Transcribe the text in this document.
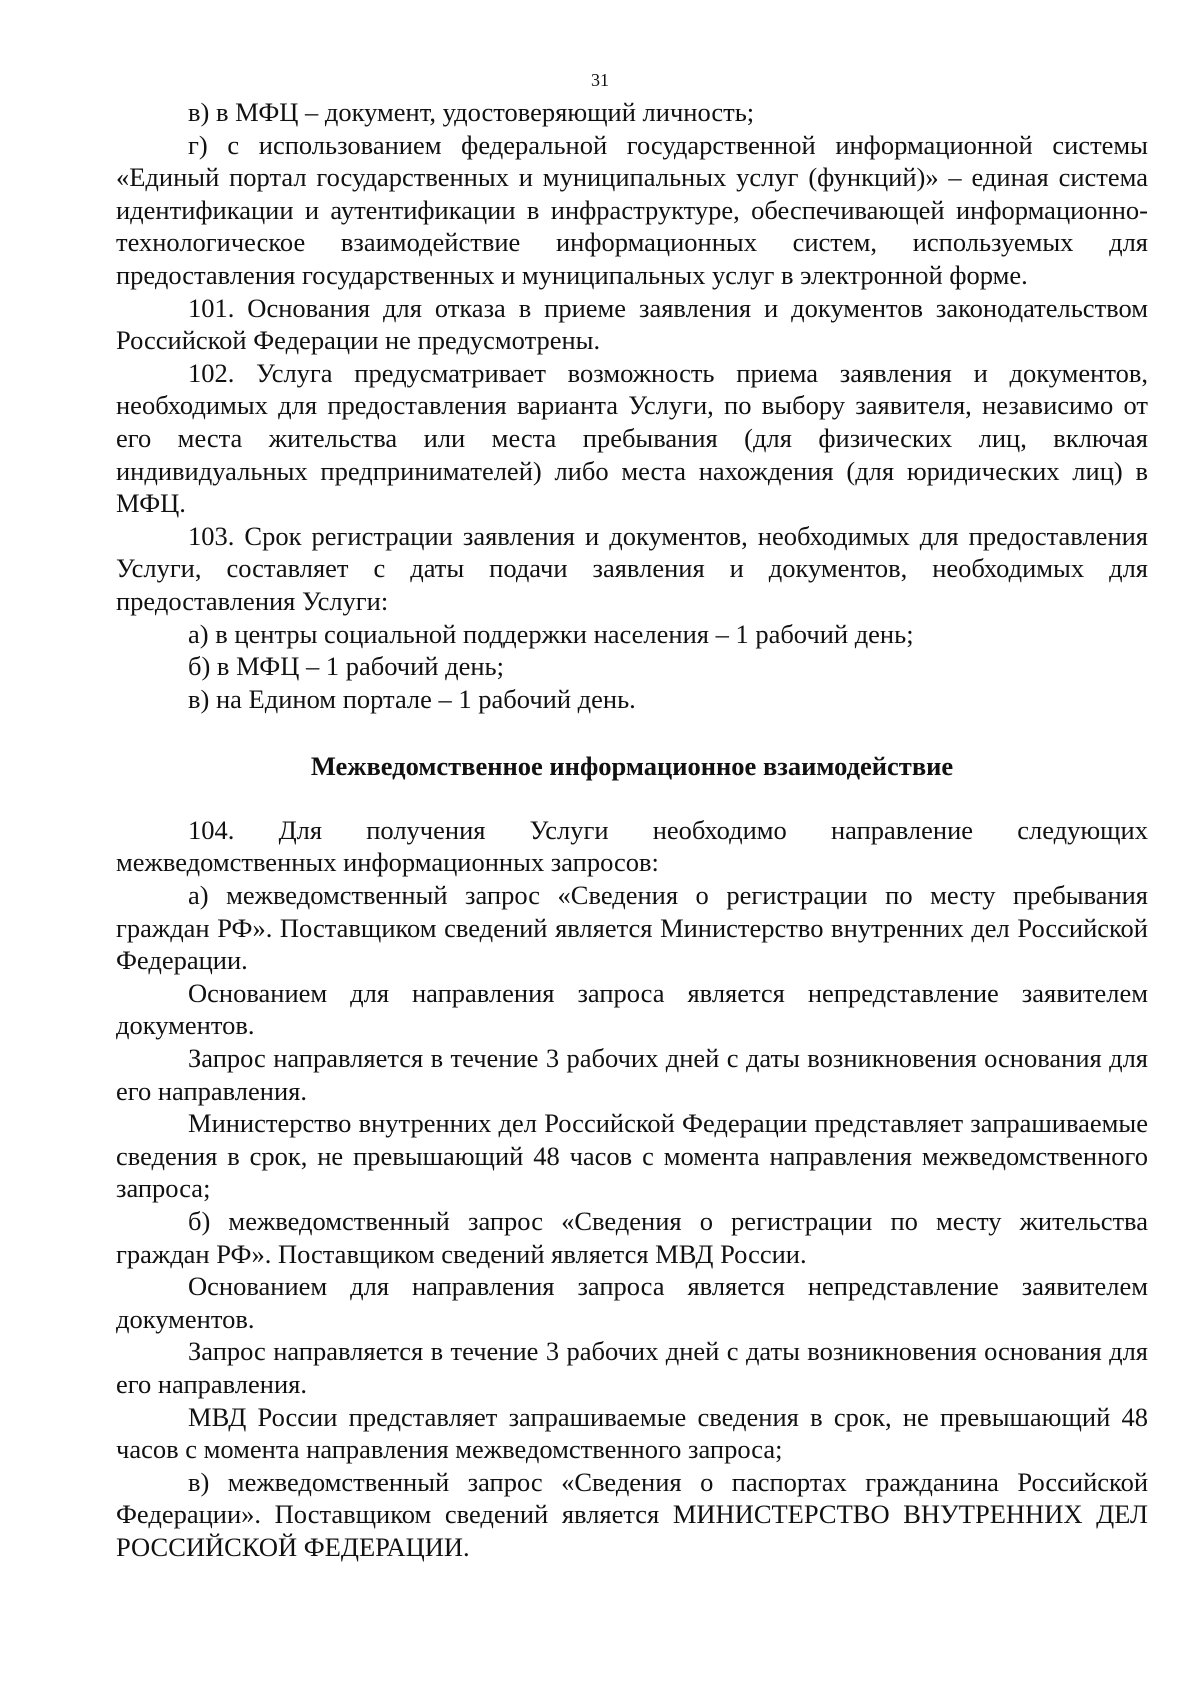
31

в) в МФЦ – документ, удостоверяющий личность;

г) с использованием федеральной государственной информационной системы «Единый портал государственных и муниципальных услуг (функций)» – единая система идентификации и аутентификации в инфраструктуре, обеспечивающей информационно-технологическое взаимодействие информационных систем, используемых для предоставления государственных и муниципальных услуг в электронной форме.

101. Основания для отказа в приеме заявления и документов законодательством Российской Федерации не предусмотрены.

102. Услуга предусматривает возможность приема заявления и документов, необходимых для предоставления варианта Услуги, по выбору заявителя, независимо от его места жительства или места пребывания (для физических лиц, включая индивидуальных предпринимателей) либо места нахождения (для юридических лиц) в МФЦ.

103. Срок регистрации заявления и документов, необходимых для предоставления Услуги, составляет с даты подачи заявления и документов, необходимых для предоставления Услуги:

а) в центры социальной поддержки населения – 1 рабочий день;

б) в МФЦ – 1 рабочий день;

в) на Едином портале – 1 рабочий день.

Межведомственное информационное взаимодействие

104. Для получения Услуги необходимо направление следующих межведомственных информационных запросов:

а) межведомственный запрос «Сведения о регистрации по месту пребывания граждан РФ». Поставщиком сведений является Министерство внутренних дел Российской Федерации.

Основанием для направления запроса является непредставление заявителем документов.

Запрос направляется в течение 3 рабочих дней с даты возникновения основания для его направления.

Министерство внутренних дел Российской Федерации представляет запрашиваемые сведения в срок, не превышающий 48 часов с момента направления межведомственного запроса;

б) межведомственный запрос «Сведения о регистрации по месту жительства граждан РФ». Поставщиком сведений является МВД России.

Основанием для направления запроса является непредставление заявителем документов.

Запрос направляется в течение 3 рабочих дней с даты возникновения основания для его направления.

МВД России представляет запрашиваемые сведения в срок, не превышающий 48 часов с момента направления межведомственного запроса;

в) межведомственный запрос «Сведения о паспортах гражданина Российской Федерации». Поставщиком сведений является МИНИСТЕРСТВО ВНУТРЕННИХ ДЕЛ РОССИЙСКОЙ ФЕДЕРАЦИИ.
